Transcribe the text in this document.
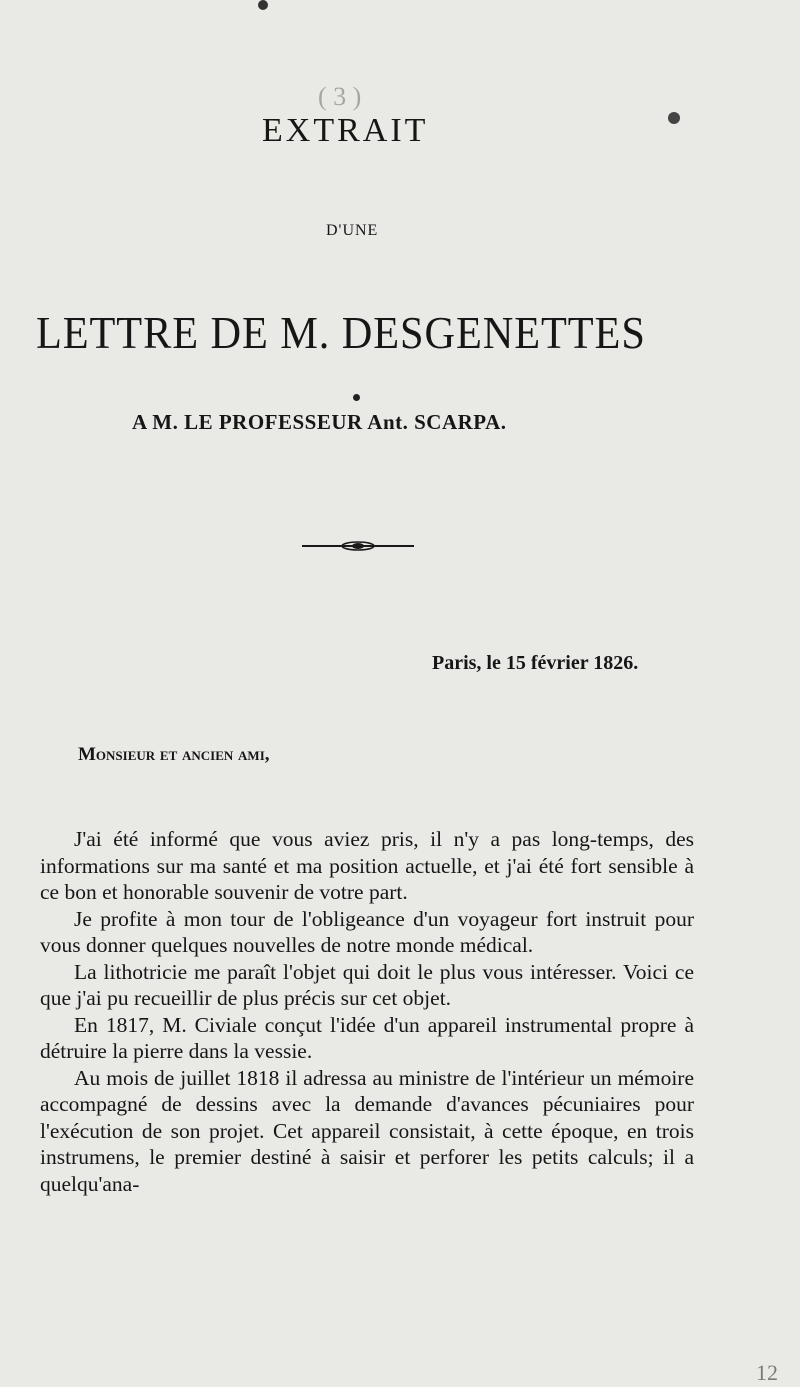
( 3 )
EXTRAIT
D'UNE
LETTRE DE M. DESGENETTES
A M. LE PROFESSEUR Ant. SCARPA.
Paris, le 15 février 1826.
Monsieur et ancien ami,

J'ai été informé que vous aviez pris, il n'y a pas long-temps, des informations sur ma santé et ma position actuelle, et j'ai été fort sensible à ce bon et honorable souvenir de votre part.

Je profite à mon tour de l'obligeance d'un voyageur fort instruit pour vous donner quelques nouvelles de notre monde médical.

La lithotricie me paraît l'objet qui doit le plus vous intéresser. Voici ce que j'ai pu recueillir de plus précis sur cet objet.

En 1817, M. Civiale conçut l'idée d'un appareil instrumental propre à détruire la pierre dans la vessie.

Au mois de juillet 1818 il adressa au ministre de l'intérieur un mémoire accompagné de dessins avec la demande d'avances pécuniaires pour l'exécution de son projet. Cet appareil consistait, à cette époque, en trois instrumens, le premier destiné à saisir et perforer les petits calculs; il a quelqu'ana-

12
